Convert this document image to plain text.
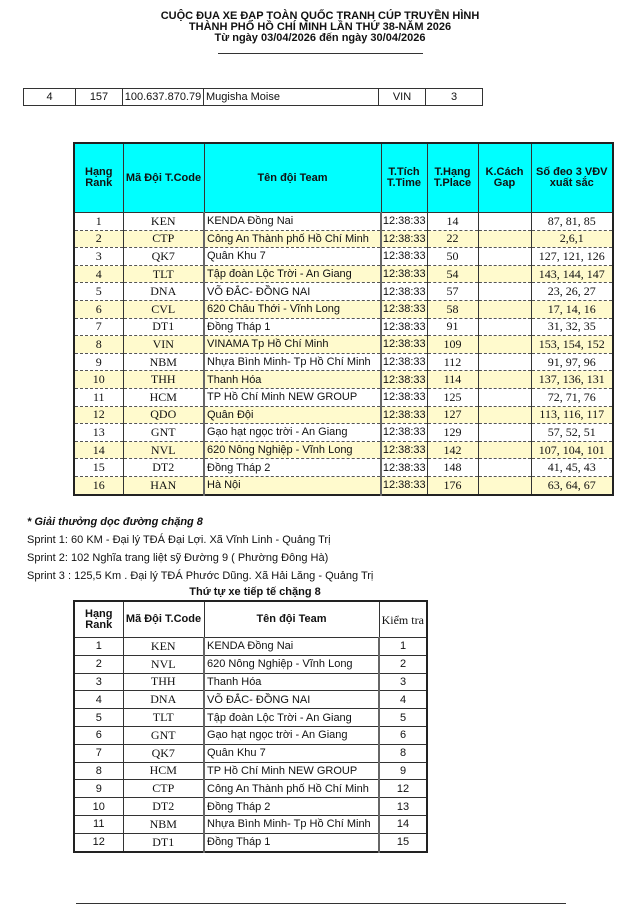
CUỘC ĐUA XE ĐẠP TOÀN QUỐC TRANH CÚP TRUYỀN HÌNH
THÀNH PHỐ HỒ CHÍ MINH LẦN THỨ 38-NĂM 2026
Từ ngày 03/04/2026 đến ngày 30/04/2026
4	157	100.637.870.79	Mugisha Moise	VIN	3
Hạng Rank	Mã Đội T.Code	Tên đội Team	T.Tích T.Time	T.Hạng T.Place	K.Cách Gap	Số đeo 3 VĐV xuất sắc
1	KEN	KENDA Đồng Nai	12:38:33	14		87, 81, 85
2	CTP	Công An Thành phố Hồ Chí Minh	12:38:33	22		2,6,1
3	QK7	Quân Khu 7	12:38:33	50		127, 121, 126
4	TLT	Tập đoàn Lộc Trời - An Giang	12:38:33	54		143, 144, 147
5	DNA	VÕ ĐẮC- ĐỒNG NAI	12:38:33	57		23, 26, 27
6	CVL	620 Châu Thới - Vĩnh Long	12:38:33	58		17, 14, 16
7	DT1	Đồng Tháp 1	12:38:33	91		31, 32, 35
8	VIN	VINAMA Tp Hồ Chí Minh	12:38:33	109		153, 154, 152
9	NBM	Nhựa Bình Minh- Tp Hồ Chí Minh	12:38:33	112		91, 97, 96
10	THH	Thanh Hóa	12:38:33	114		137, 136, 131
11	HCM	TP Hồ Chí Minh NEW GROUP	12:38:33	125		72, 71, 76
12	QDO	Quân Đội	12:38:33	127		113, 116, 117
13	GNT	Gạo hạt ngọc trời - An Giang	12:38:33	129		57, 52, 51
14	NVL	620 Nông Nghiệp - Vĩnh Long	12:38:33	142		107, 104, 101
15	DT2	Đồng Tháp 2	12:38:33	148		41, 45, 43
16	HAN	Hà Nội	12:38:33	176		63, 64, 67
* Giải thưởng dọc đường chặng 8
Sprint 1: 60 KM - Đại lý TĐÁ Đại Lợi. Xã Vĩnh Linh - Quảng Trị
Sprint 2: 102 Nghĩa trang liệt sỹ Đường 9 ( Phường Đông Hà)
Sprint 3 : 125,5 Km . Đại lý TĐÁ Phước Dũng. Xã Hải Lăng - Quảng Trị
Thứ tự xe tiếp tế chặng 8
Hạng Rank	Mã Đội T.Code	Tên đội Team	Kiểm tra
1	KEN	KENDA Đồng Nai	1
2	NVL	620 Nông Nghiệp - Vĩnh Long	2
3	THH	Thanh Hóa	3
4	DNA	VÕ ĐẮC- ĐỒNG NAI	4
5	TLT	Tập đoàn Lộc Trời - An Giang	5
6	GNT	Gạo hạt ngọc trời - An Giang	6
7	QK7	Quân Khu 7	8
8	HCM	TP Hồ Chí Minh NEW GROUP	9
9	CTP	Công An Thành phố Hồ Chí Minh	12
10	DT2	Đồng Tháp 2	13
11	NBM	Nhựa Bình Minh- Tp Hồ Chí Minh	14
12	DT1	Đồng Tháp 1	15
